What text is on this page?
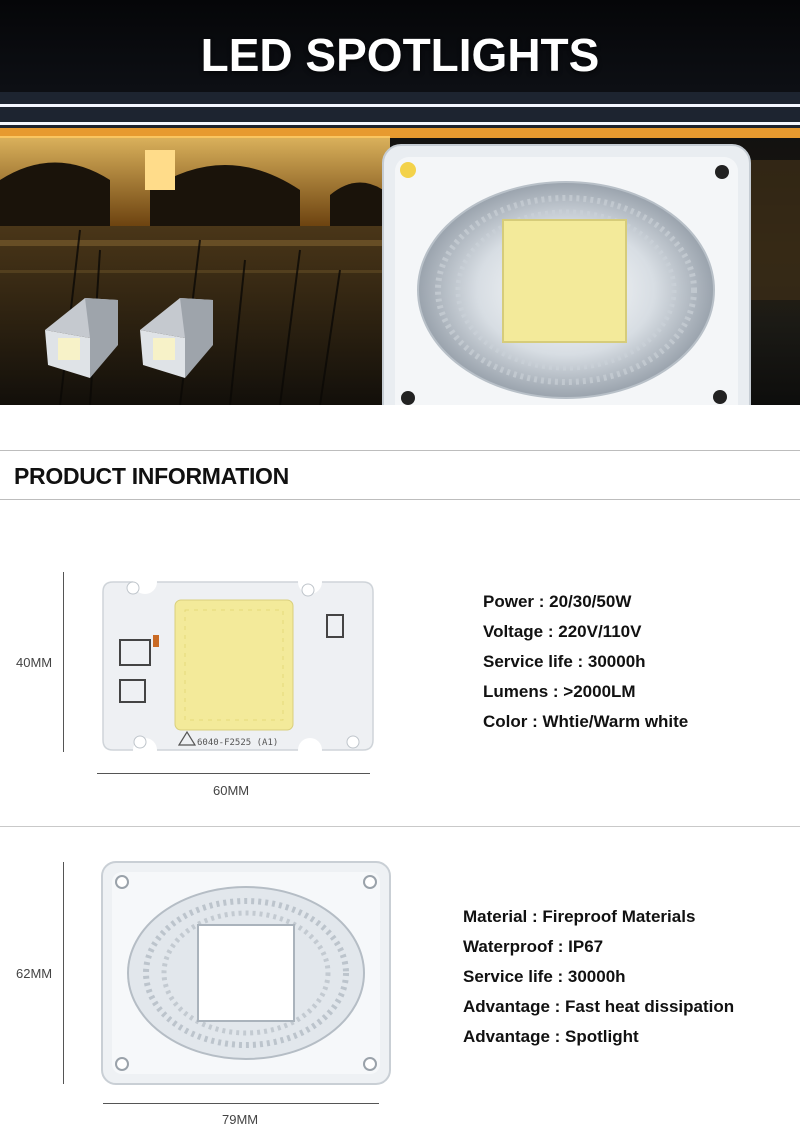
LED SPOTLIGHTS
PRODUCT INFORMATION
40MM
6040-F2525 (A1)
60MM
Power : 20/30/50W
Voltage : 220V/110V
Service life : 30000h
Lumens : >2000LM
Color : Whtie/Warm white
62MM
79MM
Material : Fireproof Materials
Waterproof : IP67
Service life : 30000h
Advantage : Fast heat dissipation
Advantage : Spotlight
